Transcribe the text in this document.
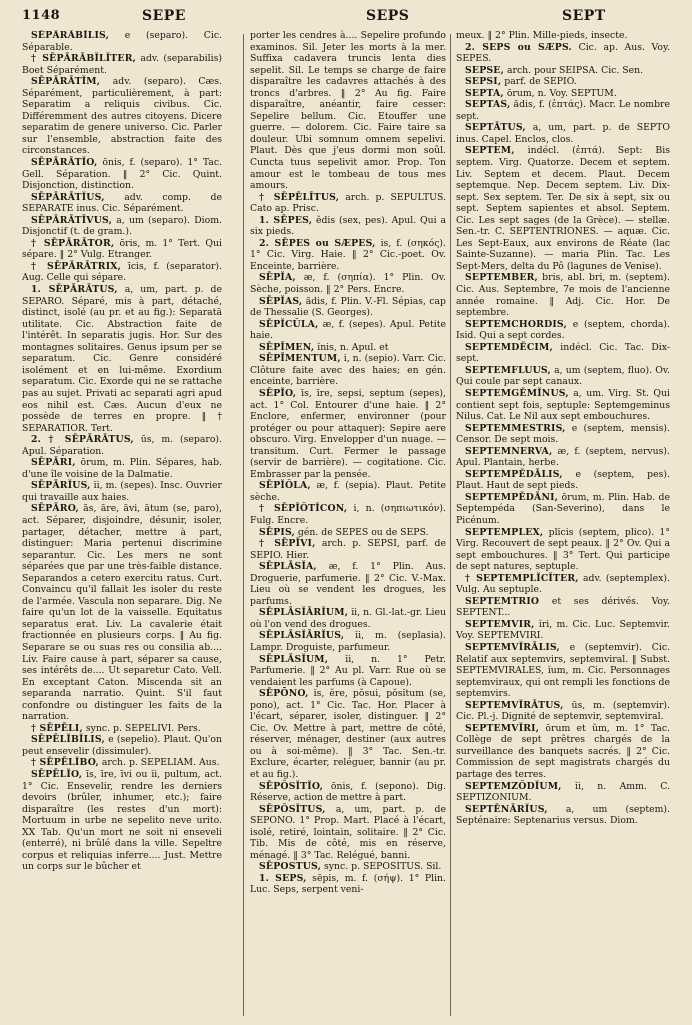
1148	SEPE	SEPS	SEPT

SĒPĀRĀBĬLIS, e (separo). Cic. Séparable.

† SĒPĀRĀBĬLĬTER, adv. (separabilis) Boet Séparément.

SĒPĀRĀTĬM, adv. (separo). Cæs. Séparément, particulièrement, à part: Separatim a reliquis civibus. Cic. Différemment des autres citoyens. Dicere separatim de genere universo. Cic. Parler sur l'ensemble, abstraction faite des circonstances.

SĒPĀRĀTĬO, ōnis, f. (separo). 1° Tac. Gell. Séparation. ‖ 2° Cic. Quint. Disjonction, distinction.

SĒPĀRĀTĬUS, adv. comp. de SEPARATE inus. Cic. Séparément.

SĒPĀRĀTĪVUS, a, um (separo). Diom. Disjonctif (t. de gram.).

† SĒPĀRĀTOR, ōris, m. 1° Tert. Qui sépare. ‖ 2° Vulg. Etranger.

† SĒPĀRĀTRIX, īcis, f. (separator). Aug. Celle qui sépare.

1. SĒPĀRĀTUS, a, um, part. p. de SEPARO. Séparé, mis à part, détaché, distinct, isolé (au pr. et au fig.): Separatā utilitate. Cic. Abstraction faite de l'intérêt. In separatis jugis. Hor. Sur des montagnes solitaires. Genus ipsum per se separatum. Cic. Genre considéré isolément et en lui-même. Exordium separatum. Cic. Exorde qui ne se rattache pas au sujet. Privati ac separati agri apud eos nihil est. Cæs. Aucun d'eux ne possède de terres en propre. ‖ † SEPARATIOR. Tert.

2. † SĒPĀRĀTUS, ūs, m. (separo). Apul. Séparation.

SĒPĀRI, ōrum, m. Plin. Sépares, hab. d'une île voisine de la Dalmatie.

SĒPĀRĬUS, ĭi, m. (sepes). Insc. Ouvrier qui travaille aux haies.

SĒPĀRO, ās, āre, āvi, ātum (se, paro), act. Séparer, disjoindre, désunir, isoler, partager, détacher, mettre à part, distinguer: Maria pertenui discrimine separantur. Cic. Les mers ne sont séparées que par une très-faible distance. Separandos a cetero exercitu ratus. Curt. Convaincu qu'il fallait les isoler du reste de l'armée. Vascula non separare. Dig. Ne faire qu'un lot de la vaisselle. Equitatus separatus erat. Liv. La cavalerie était fractionnée en plusieurs corps. ‖ Au fig. Separare se ou suas res ou consilia ab.... Liv. Faire cause à part, séparer sa cause, ses intérêts de.... Ut separetur Cato. Vell. En exceptant Caton. Miscenda sit an separanda narratio. Quint. S'il faut confondre ou distinguer les faits de la narration.

† SĒPĒLI, sync. p. SEPELIVI. Pers.

SĒPĒLĬBĬLIS, e (sepelio). Plaut. Qu'on peut ensevelir (dissimuler).

† SĒPĒLĬBO, arch. p. SEPELIAM. Aus.

SĒPĒLĬO, īs, īre, īvi ou ĭi, pultum, act. 1° Cic. Ensevelir, rendre les derniers devoirs (brûler, inhumer, etc.); faire disparaître (les restes d'un mort): Mortuum in urbe ne sepelito neve urito. XX Tab. Qu'un mort ne soit ni enseveli (enterré), ni brûlé dans la ville. Sepeltre corpus et reliquias inferre.... Just. Mettre un corps sur le bûcher et

porter les cendres à.... Sepelire profundo examinos. Sil. Jeter les morts à la mer. Suffixa cadavera truncis lenta dies sepelit. Sil. Le temps se charge de faire disparaître les cadavres attachés à des troncs d'arbres. ‖ 2° Au fig. Faire disparaître, anéantir, faire cesser: Sepelire bellum. Cic. Etouffer une guerre. — dolorem. Cic. Faire taire sa douleur. Ubi somnum omnem sepelivi. Plaut. Dès que j'eus dormi mon soûl. Cuncta tuus sepelivit amor. Prop. Ton amour est le tombeau de tous mes amours.

† SĒPĒLĪTUS, arch. p. SEPULTUS. Cato ap. Prisc.

1. SĒPES, ĕdis (sex, pes). Apul. Qui a six pieds.

2. SĒPES ou SÆPES, is, f. (σηκός). 1° Cic. Virg. Haie. ‖ 2° Cic.-poet. Ov. Enceinte, barrière.

SĒPĬA, æ, f. (σηπία). 1° Plin. Ov. Sèche, poisson. ‖ 2° Pers. Encre.

SĒPĬAS, ădis, f. Plin. V.-Fl. Sépias, cap de Thessalie (S. Georges).

SĒPĬCŬLA, æ, f. (sepes). Apul. Petite haie.

SĒPĪMEN, ĭnis, n. Apul. et

SĒPĪMENTUM, i, n. (sepio). Varr. Cic. Clôture faite avec des haies; en gén. enceinte, barrière.

SĒPĬO, īs, īre, sepsi, septum (sepes), act. 1° Col. Entourer d'une haie. ‖ 2° Enclore, enfermer, environner (pour protéger ou pour attaquer): Sepire aere obscuro. Virg. Envelopper d'un nuage. — transitum. Curt. Fermer le passage (servir de barrière). — cogitatione. Cic. Embrasser par la pensée.

SĒPĬŎLA, æ, f. (sepia). Plaut. Petite sèche.

† SĒPĬŎTĬCON, i, n. (σηπιωτικόν). Fulg. Encre.

SĒPIS, gén. de SEPES ou de SEPS.

† SĒPĪVI, arch. p. SEPSI, parf. de SEPIO. Hier.

SĒPLĀSĬA, æ, f. 1° Plin. Aus. Droguerie, parfumerie. ‖ 2° Cic. V.-Max. Lieu où se vendent les drogues, les parfums.

SĒPLĀSĬĀRĬUM, ĭi, n. Gl.-lat.-gr. Lieu où l'on vend des drogues.

SĒPLĀSĬĀRĬUS, ĭi, m. (seplasia). Lampr. Droguiste, parfumeur.

SĒPLĀSĬUM, ĭi, n. 1° Petr. Parfumerie. ‖ 2° Au pl. Varr. Rue où se vendaient les parfums (à Capoue).

SĒPŌNO, ĭs, ĕre, pŏsui, pŏsĭtum (se, pono), act. 1° Cic. Tac. Hor. Placer à l'écart, séparer, isoler, distinguer. ‖ 2° Cic. Ov. Mettre à part, mettre de côté, réserver, ménager, destiner (aux autres ou à soi-même). ‖ 3° Tac. Sen.-tr. Exclure, écarter, reléguer, bannir (au pr. et au fig.).

SĒPŎSĬTĬO, ōnis, f. (sepono). Dig. Réserve, action de mettre à part.

SĒPŎSĬTUS, a, um, part. p. de SEPONO. 1° Prop. Mart. Placé à l'écart, isolé, retiré, lointain, solitaire. ‖ 2° Cic. Tib. Mis de côté, mis en réserve, ménagé. ‖ 3° Tac. Relégué, banni.

SĒPOSTUS, sync. p. SEPOSITUS. Sil.

1. SEPS, sēpis, m. f. (σήψ). 1° Plin. Luc. Seps, serpent veni-

meux. ‖ 2° Plin. Mille-pieds, insecte.

2. SEPS ou SÆPS. Cic. ap. Aus. Voy. SEPES.

SEPSE, arch. pour SEIPSA. Cic. Sen.

SEPSI, parf. de SEPIO.

SEPTA, ōrum, n. Voy. SEPTUM.

SEPTAS, ădis, f. (ἑπτάς). Macr. Le nombre sept.

SEPTĀTUS, a, um, part. p. de SEPTO inus. Capel. Enclos, clos.

SEPTEM, indécl. (ἑπτά). Sept: Bis septem. Virg. Quatorze. Decem et septem. Liv. Septem et decem. Plaut. Decem septemque. Nep. Decem septem. Liv. Dix-sept. Sex septem. Ter. De six à sept, six ou sept. Septem sapientes et absol. Septem. Cic. Les sept sages (de la Grèce). — stellæ. Sen.-tr. C. SEPTENTRIONES. — aquæ. Cic. Les Sept-Eaux, aux environs de Réate (lac Sainte-Suzanne). — maria Plin. Tac. Les Sept-Mers, delta du Pô (lagunes de Venise).

SEPTEMBER, bris, abl. bri, m. (septem). Cic. Aus. Septembre, 7e mois de l'ancienne année romaine. ‖ Adj. Cic. Hor. De septembre.

SEPTEMCHORDIS, e (septem, chorda). Isid. Qui a sept cordes.

SEPTEMDĔCIM, indécl. Cic. Tac. Dix-sept.

SEPTEMFLUUS, a, um (septem, fluo). Ov. Qui coule par sept canaux.

SEPTEMGĔMĬNUS, a, um. Virg. St. Qui contient sept fois, septuple: Septemgeminus Nilus. Cat. Le Nil aux sept embouchures.

SEPTEMMESTRIS, e (septem, mensis). Censor. De sept mois.

SEPTEMNERVA, æ, f. (septem, nervus). Apul. Plantain, herbe.

SEPTEMPĔDĀLIS, e (septem, pes). Plaut. Haut de sept pieds.

SEPTEMPĔDĀNI, ōrum, m. Plin. Hab. de Septempéda (San-Severino), dans le Picénum.

SEPTEMPLEX, plĭcis (septem, plico). 1° Virg. Recouvert de sept peaux. ‖ 2° Ov. Qui a sept embouchures. ‖ 3° Tert. Qui participe de sept natures, septuple.

† SEPTEMPLĬCĬTER, adv. (septemplex). Vulg. Au septuple.

SEPTEMTRIO et ses dérivés. Voy. SEPTENT...

SEPTEMVIR, ĭri, m. Cic. Luc. Septemvir. Voy. SEPTEMVIRI.

SEPTEMVĬRĀLIS, e (septemvir). Cic. Relatif aux septemvirs, septemviral. ‖ Subst. SEPTEMVIRALES, ĭum, m. Cic. Personnages septemviraux, qui ont rempli les fonctions de septemvirs.

SEPTEMVĬRĀTUS, ūs, m. (septemvir). Cic. Pl.-j. Dignité de septemvir, septemviral.

SEPTEMVĬRI, ōrum et ŭm, m. 1° Tac. Collège de sept prêtres chargés de la surveillance des banquets sacrés. ‖ 2° Cic. Commission de sept magistrats chargés du partage des terres.

SEPTEMZŎDĬUM, ĭi, n. Amm. C. SEPTIZONIUM.

SEPTĒNĀRĬUS, a, um (septem). Septénaire: Septenarius versus. Diom.
